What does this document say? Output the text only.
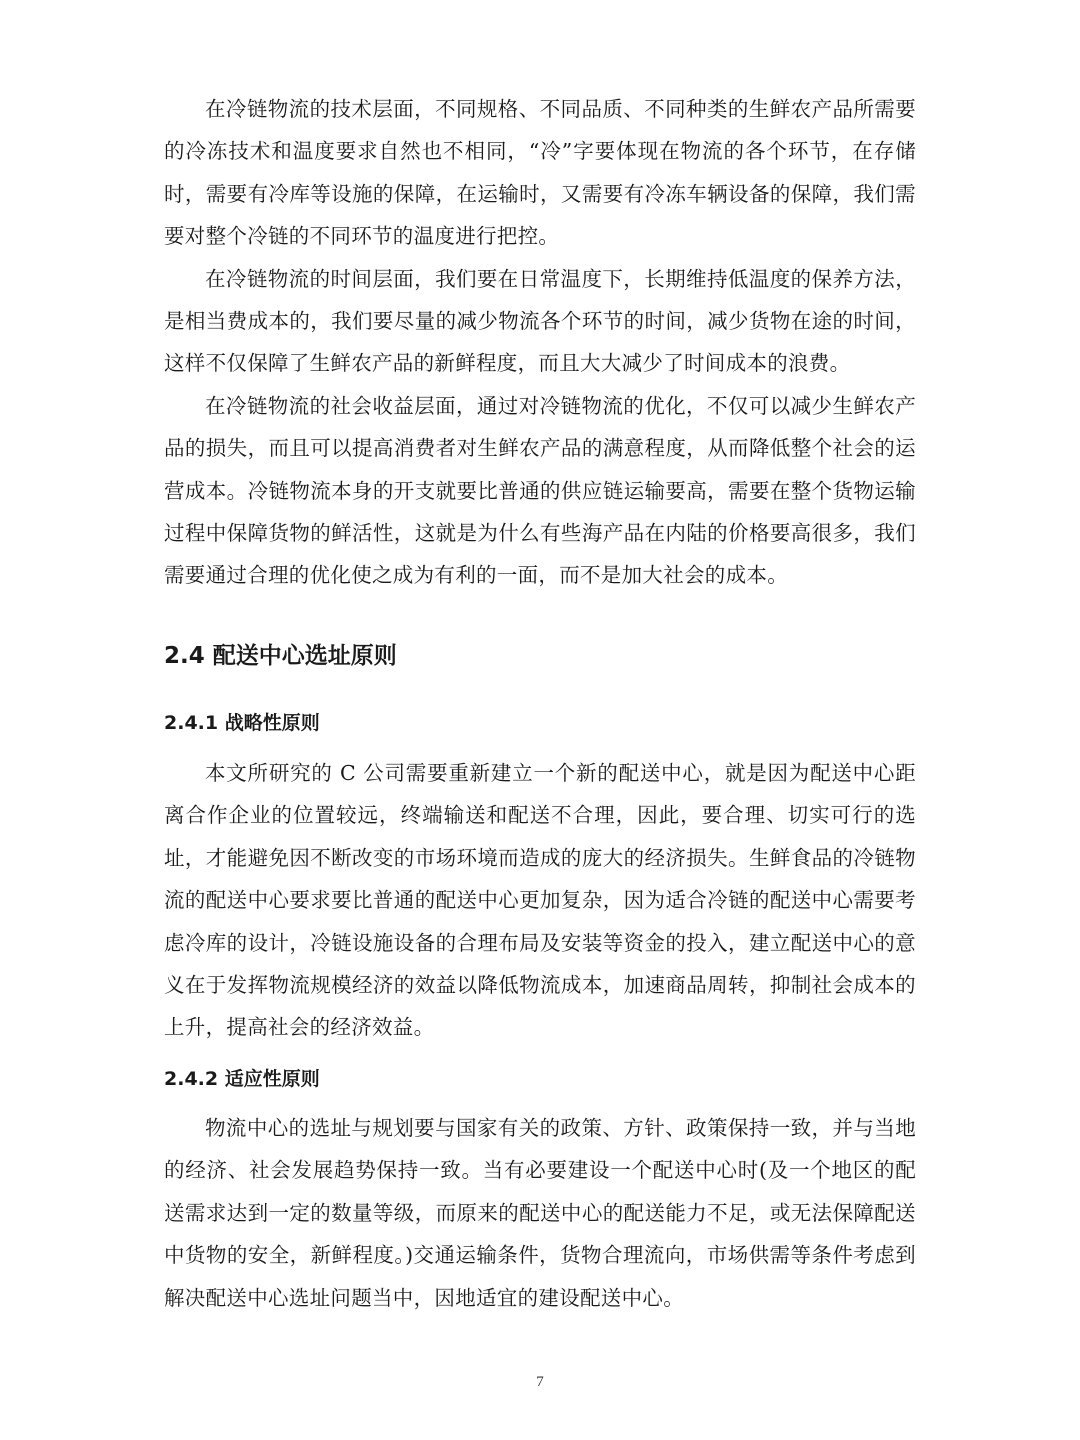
在冷链物流的技术层面，不同规格、不同品质、不同种类的生鲜农产品所需要的冷冻技术和温度要求自然也不相同，“冷”字要体现在物流的各个环节，在存储时，需要有冷库等设施的保障，在运输时，又需要有冷冻车辆设备的保障，我们需要对整个冷链的不同环节的温度进行把控。

在冷链物流的时间层面，我们要在日常温度下，长期维持低温度的保养方法，是相当费成本的，我们要尽量的减少物流各个环节的时间，减少货物在途的时间，这样不仅保障了生鲜农产品的新鲜程度，而且大大减少了时间成本的浪费。

在冷链物流的社会收益层面，通过对冷链物流的优化，不仅可以减少生鲜农产品的损失，而且可以提高消费者对生鲜农产品的满意程度，从而降低整个社会的运营成本。冷链物流本身的开支就要比普通的供应链运输要高，需要在整个货物运输过程中保障货物的鲜活性，这就是为什么有些海产品在内陆的价格要高很多，我们需要通过合理的优化使之成为有利的一面，而不是加大社会的成本。

2.4 配送中心选址原则
2.4.1 战略性原则

本文所研究的 C 公司需要重新建立一个新的配送中心，就是因为配送中心距离合作企业的位置较远，终端输送和配送不合理，因此，要合理、切实可行的选址，才能避免因不断改变的市场环境而造成的庞大的经济损失。生鲜食品的冷链物流的配送中心要求要比普通的配送中心更加复杂，因为适合冷链的配送中心需要考虑冷库的设计，冷链设施设备的合理布局及安装等资金的投入，建立配送中心的意义在于发挥物流规模经济的效益以降低物流成本，加速商品周转，抑制社会成本的上升，提高社会的经济效益。

2.4.2 适应性原则

物流中心的选址与规划要与国家有关的政策、方针、政策保持一致，并与当地的经济、社会发展趋势保持一致。当有必要建设一个配送中心时(及一个地区的配送需求达到一定的数量等级，而原来的配送中心的配送能力不足，或无法保障配送中货物的安全，新鲜程度。)交通运输条件，货物合理流向，市场供需等条件考虑到解决配送中心选址问题当中，因地适宜的建设配送中心。

7
